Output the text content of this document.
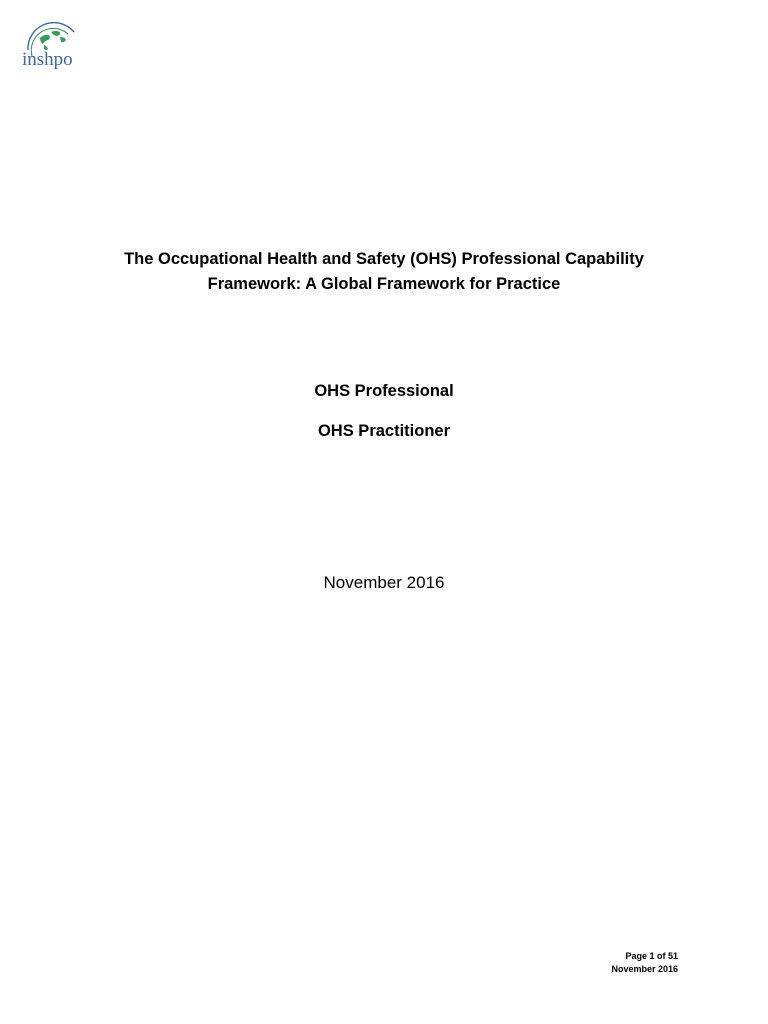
inshpo
The Occupational Health and Safety (OHS) Professional Capability
Framework: A Global Framework for Practice
OHS Professional
OHS Practitioner
November 2016
Page 1 of 51
November 2016
